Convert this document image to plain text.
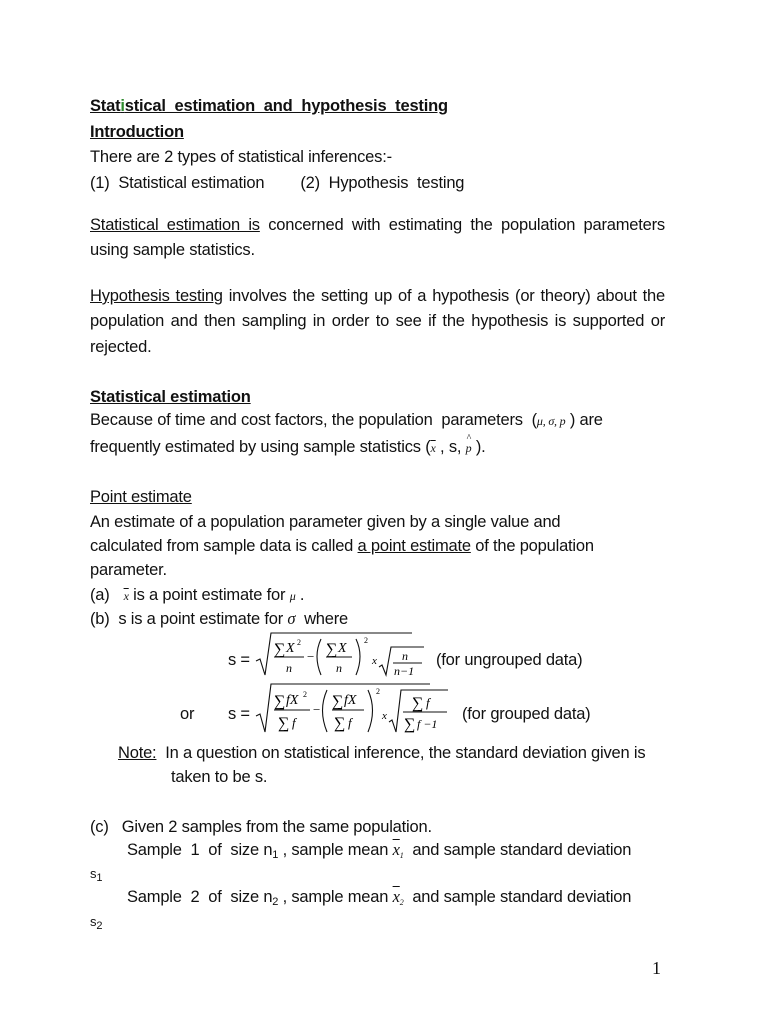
Statistical  estimation  and  hypothesis  testing
Introduction
There are 2 types of statistical inferences:-
(1)  Statistical estimation (2)  Hypothesis  testing
Statistical estimation is concerned with estimating the population parameters
using sample statistics.
Hypothesis testing involves the setting up of a hypothesis (or theory) about the
population and then sampling in order to see if the hypothesis is supported or
rejected.
Statistical estimation
Because of time and cost factors, the population  parameters  (μ, σ, p ) are
frequently estimated by using sample statistics ($\overline{x}$ , s, ^
p ).
Point estimate
An estimate of a population parameter given by a single value and
calculated from sample data is called a point estimate of the population
parameter.
(a) $\overline{x}$ is a point estimate for μ .
(b)  s is a point estimate for σ  where
s =
∑ X 2
n
− ∑ X
n
2
x n
n−1
(for ungrouped data)
or	s =
∑ fX 2
∑ f
− ∑ fX
∑ f
2
x
∑ f
∑ f −1
(for grouped data)
Note:  In a question on statistical inference, the standard deviation given is
taken to be s.
(c)   Given 2 samples from the same population.
Sample  1  of  size $n_1$ , sample mean $\overline{x}_1$  and sample standard deviation
$s_1$
Sample  2  of  size $n_2$ , sample mean $\overline{x}_2$  and sample standard deviation
$s_2$
1
